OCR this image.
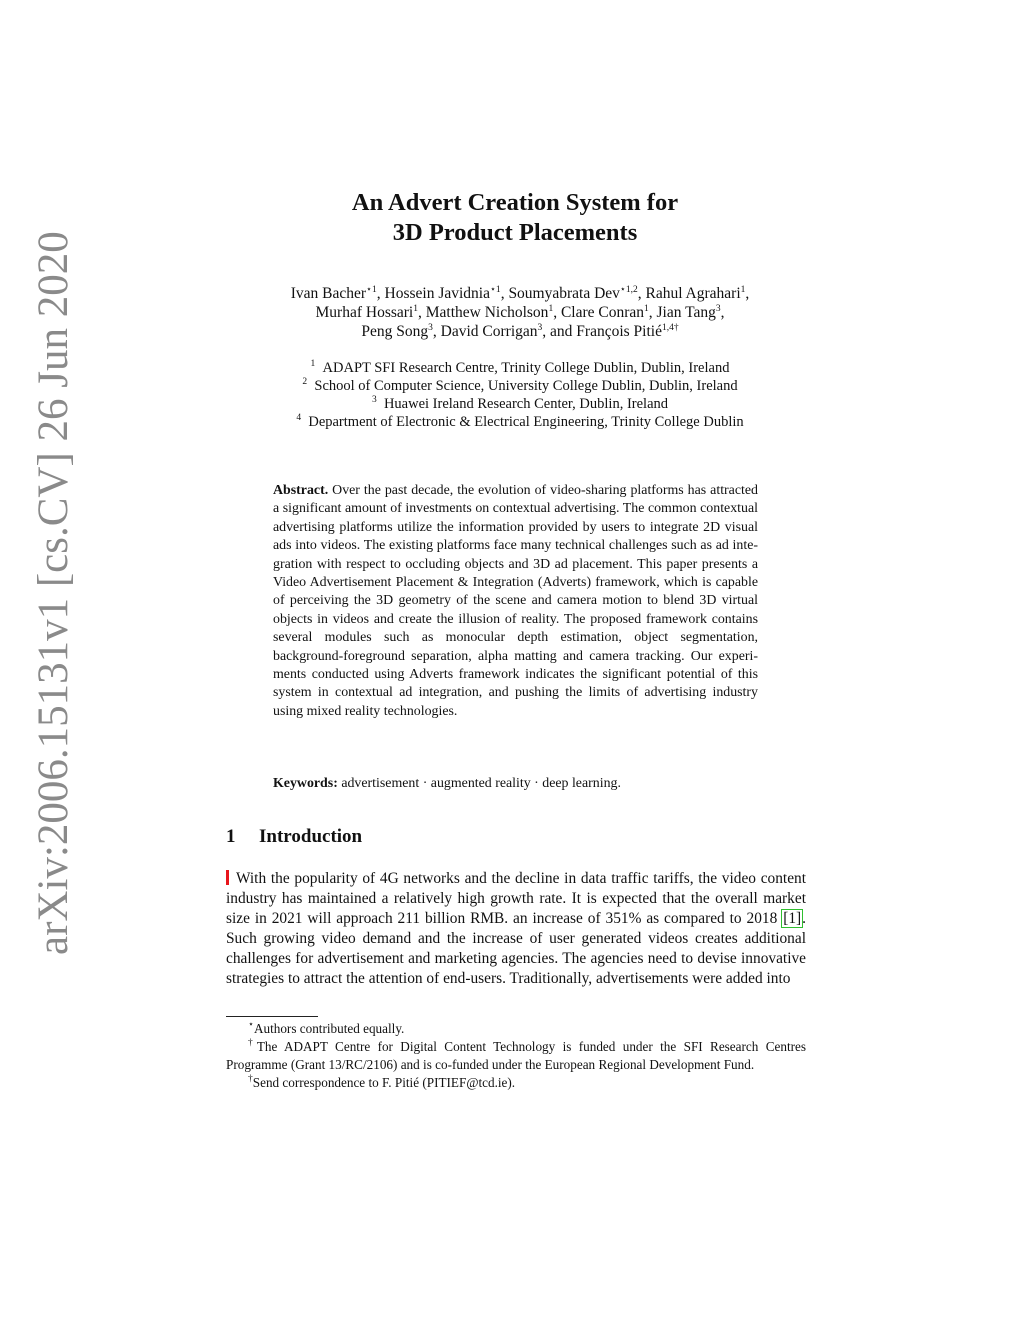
arXiv:2006.15131v1 [cs.CV] 26 Jun 2020
An Advert Creation System for
3D Product Placements
Ivan Bacher$^{⋆1}$, Hossein Javidnia$^{⋆1}$, Soumyabrata Dev$^{⋆1,2}$, Rahul Agrahari$^1$,
Murhaf Hossari$^1$, Matthew Nicholson$^1$, Clare Conran$^1$, Jian Tang$^3$,
Peng Song$^3$, David Corrigan$^3$, and François Pitié$^{1,4\dagger}$
$^1$ ADAPT SFI Research Centre, Trinity College Dublin, Dublin, Ireland
$^2$ School of Computer Science, University College Dublin, Dublin, Ireland
$^3$ Huawei Ireland Research Center, Dublin, Ireland
$^4$ Department of Electronic & Electrical Engineering, Trinity College Dublin
Abstract. Over the past decade, the evolution of video-sharing platforms has attracted a significant amount of investments on contextual advertising. The common contextual advertising platforms utilize the information provided by users to integrate 2D visual ads into videos. The existing platforms face many technical challenges such as ad integration with respect to occluding objects and 3D ad placement. This paper presents a Video Advertisement Placement & Integration (Adverts) framework, which is capable of perceiving the 3D geometry of the scene and camera motion to blend 3D virtual objects in videos and create the illusion of reality. The proposed framework contains several modules such as monocular depth estimation, object segmentation, background-foreground separation, alpha matting and camera tracking. Our experiments conducted using Adverts framework indicates the significant potential of this system in contextual ad integration, and pushing the limits of advertising industry using mixed reality technologies.
Keywords: advertisement · augmented reality · deep learning.
1 Introduction
With the popularity of 4G networks and the decline in data traffic tariffs, the video content industry has maintained a relatively high growth rate. It is expected that the overall market size in 2021 will approach 211 billion RMB. an increase of 351% as compared to 2018 [1]. Such growing video demand and the increase of user generated videos creates additional challenges for advertisement and marketing agencies. The agencies need to devise innovative strategies to attract the attention of end-users. Traditionally, advertisements were added into

⋆Authors contributed equally.

†The ADAPT Centre for Digital Content Technology is funded under the SFI Research Centres Programme (Grant 13/RC/2106) and is co-funded under the European Regional Development Fund.

†Send correspondence to F. Pitié (PITIEF@tcd.ie).
